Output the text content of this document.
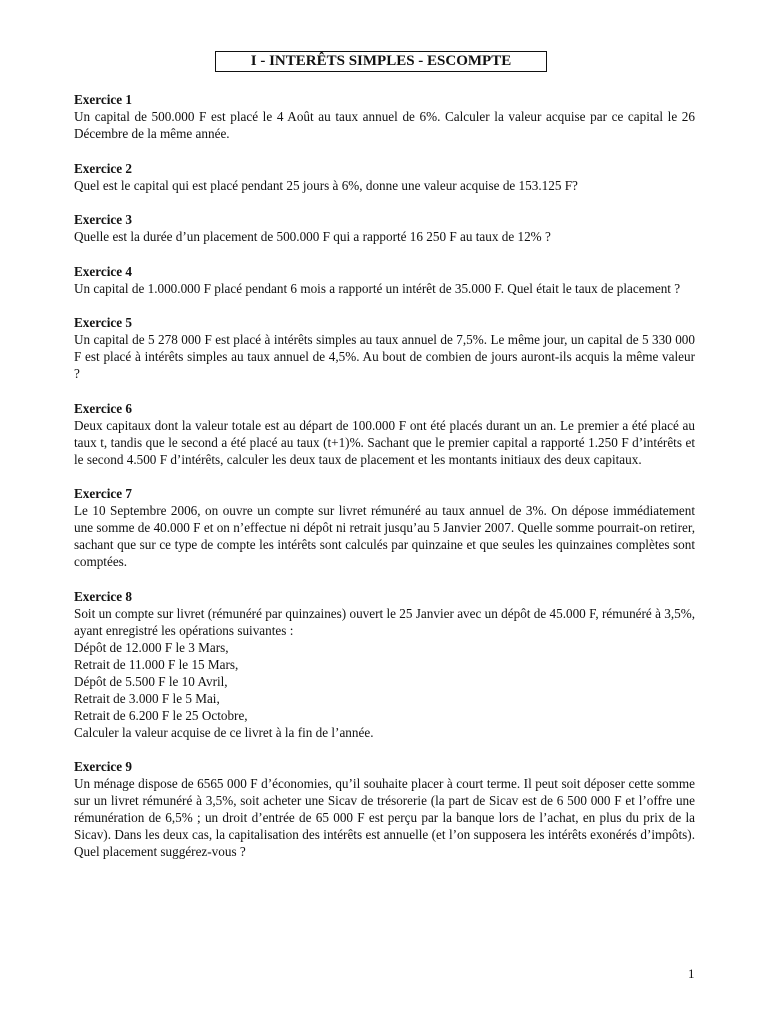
I - INTERÊTS SIMPLES - ESCOMPTE
Exercice 1
Un capital de 500.000 F est placé le 4 Août au taux annuel de 6%. Calculer la valeur acquise par ce capital le 26 Décembre de la même année.
Exercice 2
Quel est le capital qui est placé pendant 25 jours à 6%, donne une valeur acquise de 153.125 F?
Exercice 3
Quelle est la durée d’un placement de 500.000 F qui a rapporté 16 250 F au taux de 12% ?
Exercice 4
Un capital de 1.000.000 F placé pendant 6 mois a rapporté un intérêt de 35.000 F. Quel était le taux de placement ?
Exercice 5
Un capital de 5 278 000 F est placé à intérêts simples au taux annuel de 7,5%. Le même jour, un capital de 5 330 000 F est placé à intérêts simples au taux annuel de 4,5%. Au bout de combien de jours auront-ils acquis la même valeur ?
Exercice 6
Deux capitaux dont la valeur totale est au départ de 100.000 F ont été placés durant un an. Le premier a été placé au taux t, tandis que le second a été placé au taux (t+1)%. Sachant que le premier capital a rapporté 1.250 F d’intérêts et le second 4.500 F d’intérêts, calculer les deux taux de placement et les montants initiaux des deux capitaux.
Exercice 7
Le 10 Septembre 2006, on ouvre un compte sur livret rémunéré au taux annuel de 3%. On dépose immédiatement une somme de 40.000 F et on n’effectue ni dépôt ni retrait jusqu’au 5 Janvier 2007. Quelle somme pourrait-on retirer, sachant que sur ce type de compte les intérêts sont calculés par quinzaine et que seules les quinzaines complètes sont comptées.
Exercice 8
Soit un compte sur livret (rémunéré par quinzaines) ouvert le 25 Janvier avec un dépôt de 45.000 F, rémunéré à 3,5%, ayant enregistré les opérations suivantes :
Dépôt de 12.000 F le 3 Mars,
Retrait de 11.000 F le 15 Mars,
Dépôt de 5.500 F le 10 Avril,
Retrait de 3.000 F le 5 Mai,
Retrait de 6.200 F le 25 Octobre,
Calculer la valeur acquise de ce livret à la fin de l’année.
Exercice 9
Un ménage dispose de 6565 000 F d’économies, qu’il souhaite placer à court terme. Il peut soit déposer cette somme sur un livret rémunéré à 3,5%, soit acheter une Sicav de trésorerie (la part de Sicav est de 6 500 000 F et l’offre une rémunération de 6,5% ; un droit d’entrée de 65 000 F est perçu par la banque lors de l’achat, en plus du prix de la Sicav). Dans les deux cas, la capitalisation des intérêts est annuelle (et l’on supposera les intérêts exonérés d’impôts). Quel placement suggérez-vous ?
1
